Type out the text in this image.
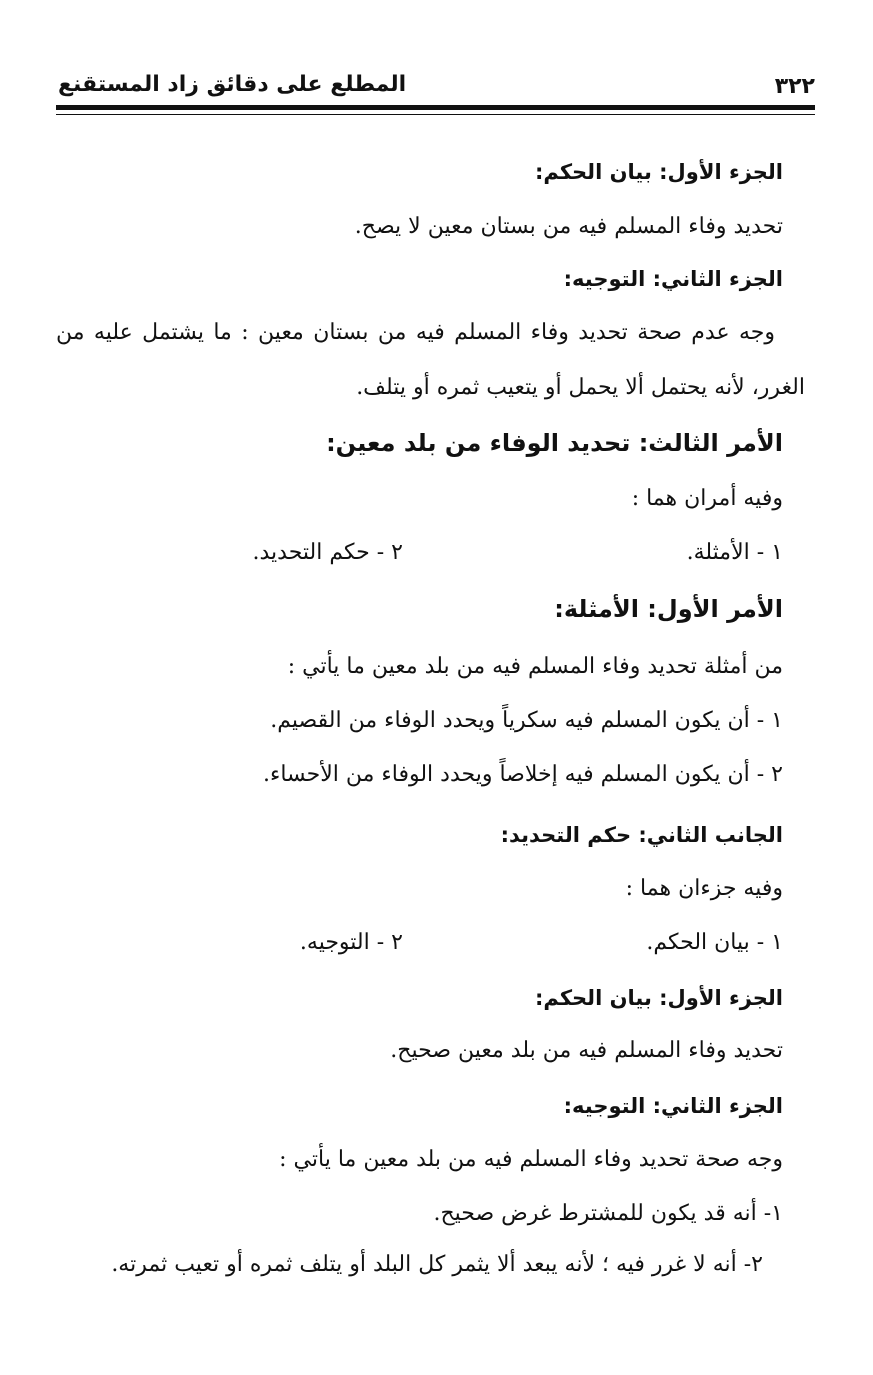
٣٢٢
المطلع على دقائق زاد المستقنع
الجزء الأول: بيان الحكم:
تحديد وفاء المسلم فيه من بستان معين لا يصح.
الجزء الثاني: التوجيه:
وجه عدم صحة تحديد وفاء المسلم فيه من بستان معين : ما يشتمل عليه من
الغرر، لأنه يحتمل ألا يحمل أو يتعيب ثمره أو يتلف.
الأمر الثالث: تحديد الوفاء من بلد معين:
وفيه أمران هما :
١ - الأمثلة.
٢ - حكم التحديد.
الأمر الأول: الأمثلة:
من أمثلة تحديد وفاء المسلم فيه من بلد معين ما يأتي :
١ - أن يكون المسلم فيه سكرياً ويحدد الوفاء من القصيم.
٢ - أن يكون المسلم فيه إخلاصاً ويحدد الوفاء من الأحساء.
الجانب الثاني: حكم التحديد:
وفيه جزءان هما :
١ - بيان الحكم.
٢ - التوجيه.
الجزء الأول: بيان الحكم:
تحديد وفاء المسلم فيه من بلد معين صحيح.
الجزء الثاني: التوجيه:
وجه صحة تحديد وفاء المسلم فيه من بلد معين ما يأتي :
١- أنه قد يكون للمشترط غرض صحيح.
٢- أنه لا غرر فيه ؛ لأنه يبعد ألا يثمر كل البلد أو يتلف ثمره أو تعيب ثمرته.
